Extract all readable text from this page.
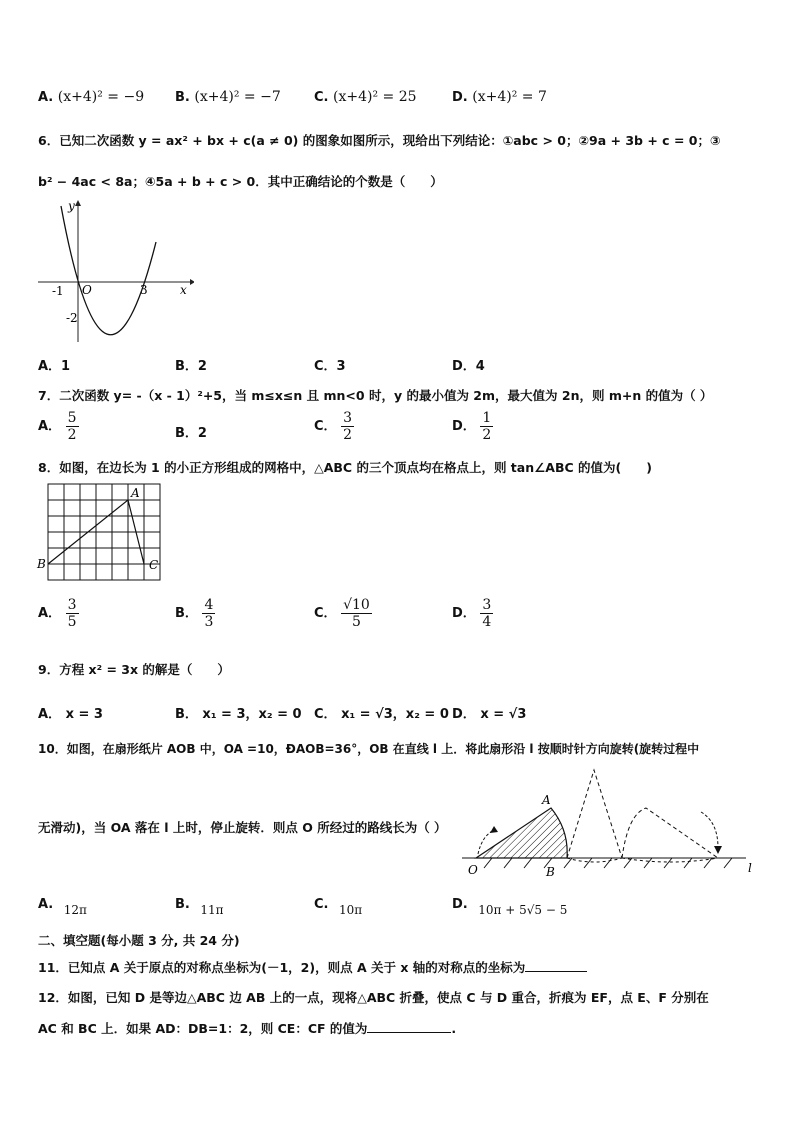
A. (x+4)² = −9 B. (x+4)² = −7	C. (x+4)² = 25	D. (x+4)² = 7
6．已知二次函数 y = ax² + bx + c(a ≠ 0) 的图象如图所示，现给出下列结论：①abc > 0；②9a + 3b + c = 0；③
b² − 4ac < 8a；④5a + b + c > 0．其中正确结论的个数是（　　）
y
x
O
-1	3
-2
A．1	B．2	C．3	D．4
7．二次函数 y= -（x - 1）²+5，当 m≤x≤n 且 mn<0 时，y 的最小值为 2m，最大值为 2n，则 m+n 的值为（ ）
A． $\frac{5}{2}$	B．2	C． $\frac{3}{2}$	D． $\frac{1}{2}$
8．如图，在边长为 1 的小正方形组成的网格中，△ABC 的三个顶点均在格点上，则 tan∠ABC 的值为(　　)
A
B	C
A． $\frac{3}{5}$	B． $\frac{4}{3}$	C． $\frac{√10}{5}$	D． $\frac{3}{4}$
9．方程 x² = 3x 的解是（　　）
A． x = 3	B． x₁ = 3，x₂ = 0 C． x₁ = √3，x₂ = 0 D． x = √3
10．如图，在扇形纸片 AOB 中，OA =10，ÐAOB=36°，OB 在直线 l 上．将此扇形沿 l 按顺时针方向旋转(旋转过程中
无滑动)，当 OA 落在 l 上时，停止旋转．则点 O 所经过的路线长为（ ）
O
A
B	l
A. 12π	B. 11π	C. 10π	D. 10π + 5√5 − 5
二、填空题(每小题 3 分, 共 24 分)
11．已知点 A 关于原点的对称点坐标为(－1，2)，则点 A 关于 x 轴的对称点的坐标为
12．如图，已知 D 是等边△ABC 边 AB 上的一点，现将△ABC 折叠，使点 C 与 D 重合，折痕为 EF，点 E、F 分别在
AC 和 BC 上．如果 AD：DB=1：2，则 CE：CF 的值为	.
